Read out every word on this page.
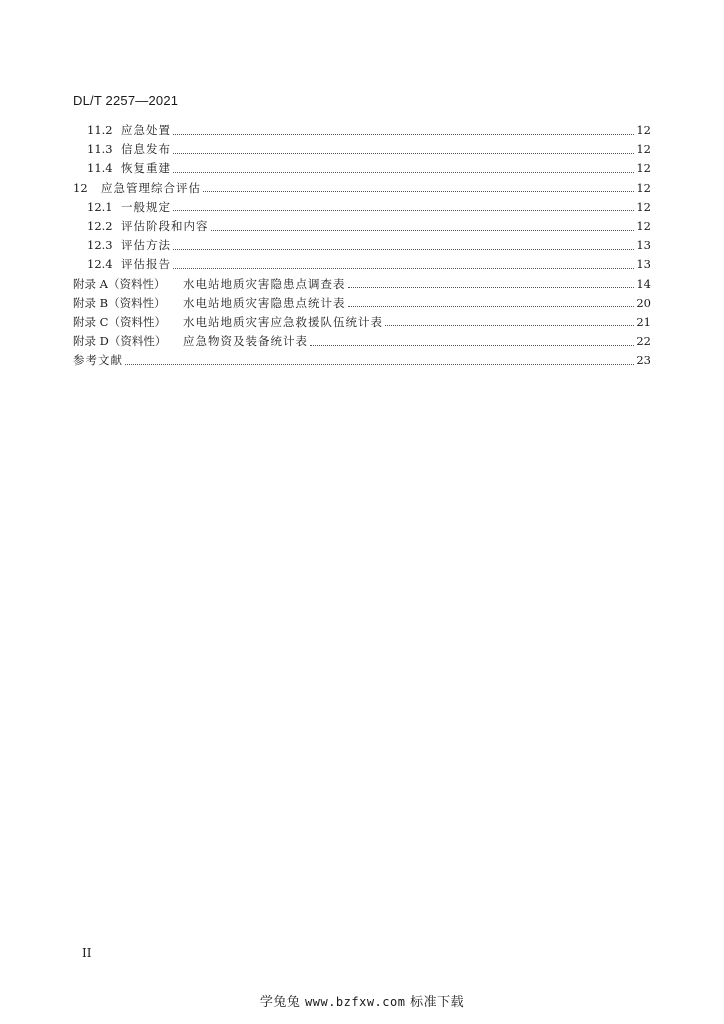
DL/T 2257—2021
11.2 应急处置	12
11.3 信息发布	12
11.4 恢复重建	12
12	应急管理综合评估	12
12.1 一般规定	12
12.2 评估阶段和内容	12
12.3 评估方法	13
12.4 评估报告	13
附录 A（资料性）	水电站地质灾害隐患点调查表	14
附录 B（资料性）	水电站地质灾害隐患点统计表	20
附录 C（资料性）	水电站地质灾害应急救援队伍统计表	21
附录 D（资料性）	应急物资及装备统计表	22
参考文献	23
II
学兔兔 www.bzfxw.com 标准下载
